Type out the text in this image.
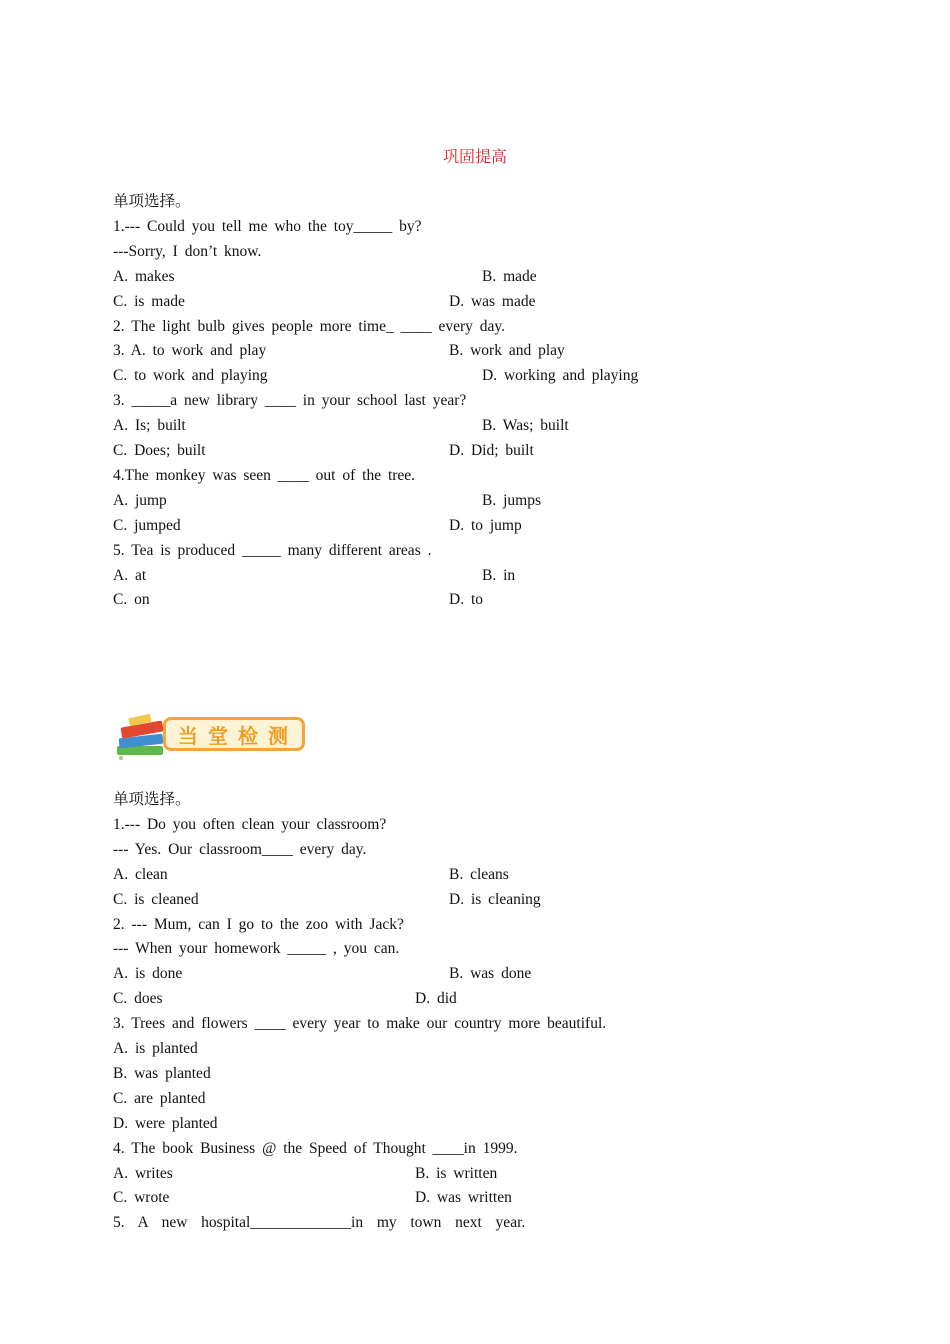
巩固提高
单项选择。
1.--- Could you tell me who the toy_____ by?
---Sorry, I don’t know.
A. makes	B. made
C. is made	D. was made
2. The light bulb gives people more time_ ____ every day.
3. A. to work and play	B. work and play
C. to work and playing	D. working and playing
3. _____a new library ____ in your school last year?
A. Is; built	B. Was; built
C. Does; built	D. Did; built
4.The monkey was seen ____ out of the tree.
A. jump	B. jumps
C. jumped	D. to jump
5. Tea is produced _____ many different areas .
A. at	B. in
C. on	D. to
当堂检测
单项选择。
1.--- Do you often clean your classroom?
--- Yes. Our classroom____ every day.
A. clean	B. cleans
C. is cleaned	D. is cleaning
2. --- Mum, can I go to the zoo with Jack?
--- When your homework _____ , you can.
A. is done	B. was done
C. does	D. did
3. Trees and flowers ____ every year to make our country more beautiful.
A. is planted
B. was planted
C. are planted
D. were planted
4. The book Business @ the Speed of Thought ____in 1999.
A. writes	B. is written
C. wrote	D. was written
5.  A  new  hospital_____________in  my  town  next  year.
